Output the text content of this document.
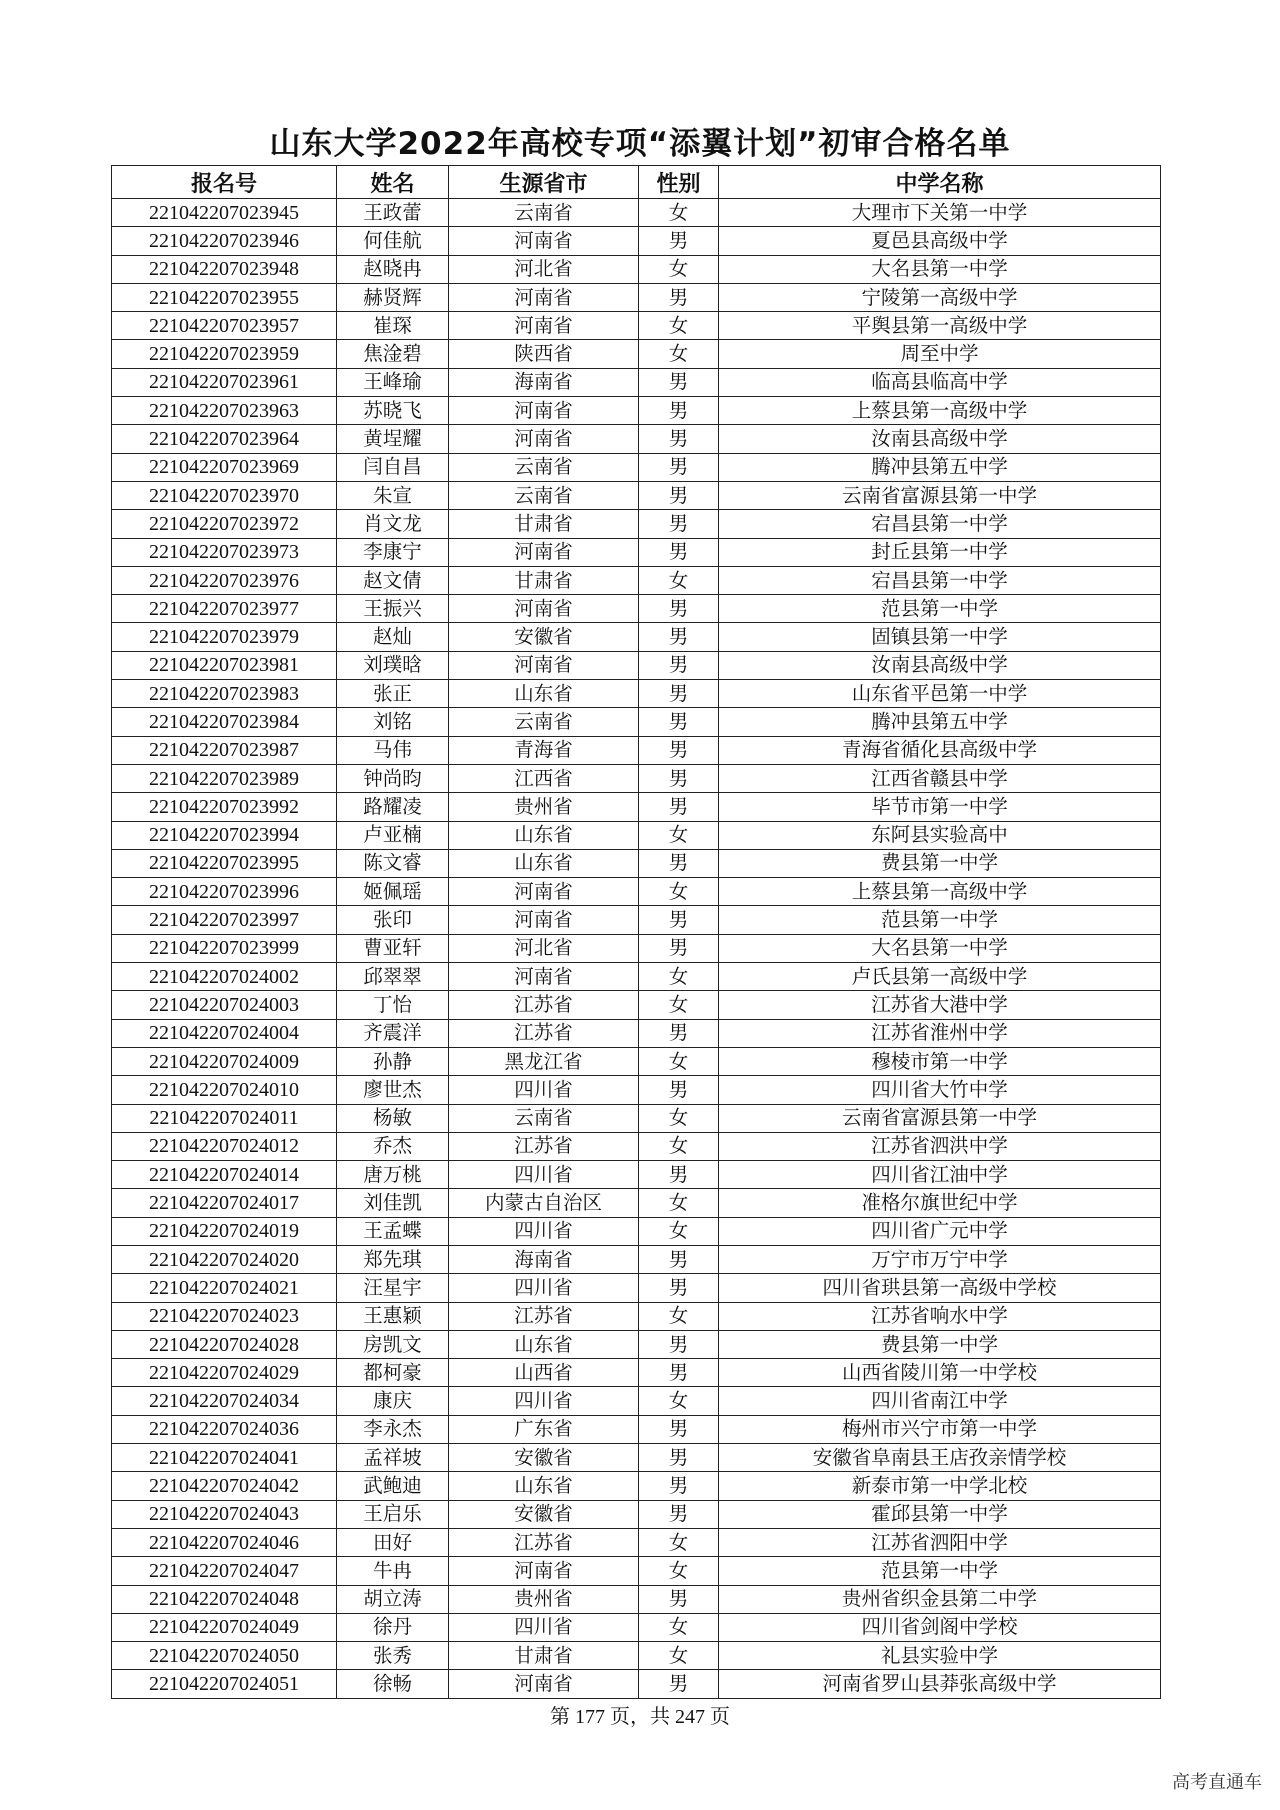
山东大学2022年高校专项“添翼计划”初审合格名单
报名号	姓名	生源省市	性别	中学名称
221042207023945	王政蕾	云南省	女	大理市下关第一中学
221042207023946	何佳航	河南省	男	夏邑县高级中学
221042207023948	赵晓冉	河北省	女	大名县第一中学
221042207023955	赫贤辉	河南省	男	宁陵第一高级中学
221042207023957	崔琛	河南省	女	平舆县第一高级中学
221042207023959	焦淦碧	陕西省	女	周至中学
221042207023961	王峰瑜	海南省	男	临高县临高中学
221042207023963	苏晓飞	河南省	男	上蔡县第一高级中学
221042207023964	黄埕耀	河南省	男	汝南县高级中学
221042207023969	闫自昌	云南省	男	腾冲县第五中学
221042207023970	朱宣	云南省	男	云南省富源县第一中学
221042207023972	肖文龙	甘肃省	男	宕昌县第一中学
221042207023973	李康宁	河南省	男	封丘县第一中学
221042207023976	赵文倩	甘肃省	女	宕昌县第一中学
221042207023977	王振兴	河南省	男	范县第一中学
221042207023979	赵灿	安徽省	男	固镇县第一中学
221042207023981	刘璞晗	河南省	男	汝南县高级中学
221042207023983	张正	山东省	男	山东省平邑第一中学
221042207023984	刘铭	云南省	男	腾冲县第五中学
221042207023987	马伟	青海省	男	青海省循化县高级中学
221042207023989	钟尚昀	江西省	男	江西省赣县中学
221042207023992	路耀凌	贵州省	男	毕节市第一中学
221042207023994	卢亚楠	山东省	女	东阿县实验高中
221042207023995	陈文睿	山东省	男	费县第一中学
221042207023996	姬佩瑶	河南省	女	上蔡县第一高级中学
221042207023997	张印	河南省	男	范县第一中学
221042207023999	曹亚轩	河北省	男	大名县第一中学
221042207024002	邱翠翠	河南省	女	卢氏县第一高级中学
221042207024003	丁怡	江苏省	女	江苏省大港中学
221042207024004	齐震洋	江苏省	男	江苏省淮州中学
221042207024009	孙静	黑龙江省	女	穆棱市第一中学
221042207024010	廖世杰	四川省	男	四川省大竹中学
221042207024011	杨敏	云南省	女	云南省富源县第一中学
221042207024012	乔杰	江苏省	女	江苏省泗洪中学
221042207024014	唐万桃	四川省	男	四川省江油中学
221042207024017	刘佳凯	内蒙古自治区	女	准格尔旗世纪中学
221042207024019	王孟蝶	四川省	女	四川省广元中学
221042207024020	郑先琪	海南省	男	万宁市万宁中学
221042207024021	汪星宇	四川省	男	四川省珙县第一高级中学校
221042207024023	王惠颖	江苏省	女	江苏省响水中学
221042207024028	房凯文	山东省	男	费县第一中学
221042207024029	都柯豪	山西省	男	山西省陵川第一中学校
221042207024034	康庆	四川省	女	四川省南江中学
221042207024036	李永杰	广东省	男	梅州市兴宁市第一中学
221042207024041	孟祥坡	安徽省	男	安徽省阜南县王店孜亲情学校
221042207024042	武鲍迪	山东省	男	新泰市第一中学北校
221042207024043	王启乐	安徽省	男	霍邱县第一中学
221042207024046	田好	江苏省	女	江苏省泗阳中学
221042207024047	牛冉	河南省	女	范县第一中学
221042207024048	胡立涛	贵州省	男	贵州省织金县第二中学
221042207024049	徐丹	四川省	女	四川省剑阁中学校
221042207024050	张秀	甘肃省	女	礼县实验中学
221042207024051	徐畅	河南省	男	河南省罗山县莽张高级中学
第 177 页，共 247 页
高考直通车
